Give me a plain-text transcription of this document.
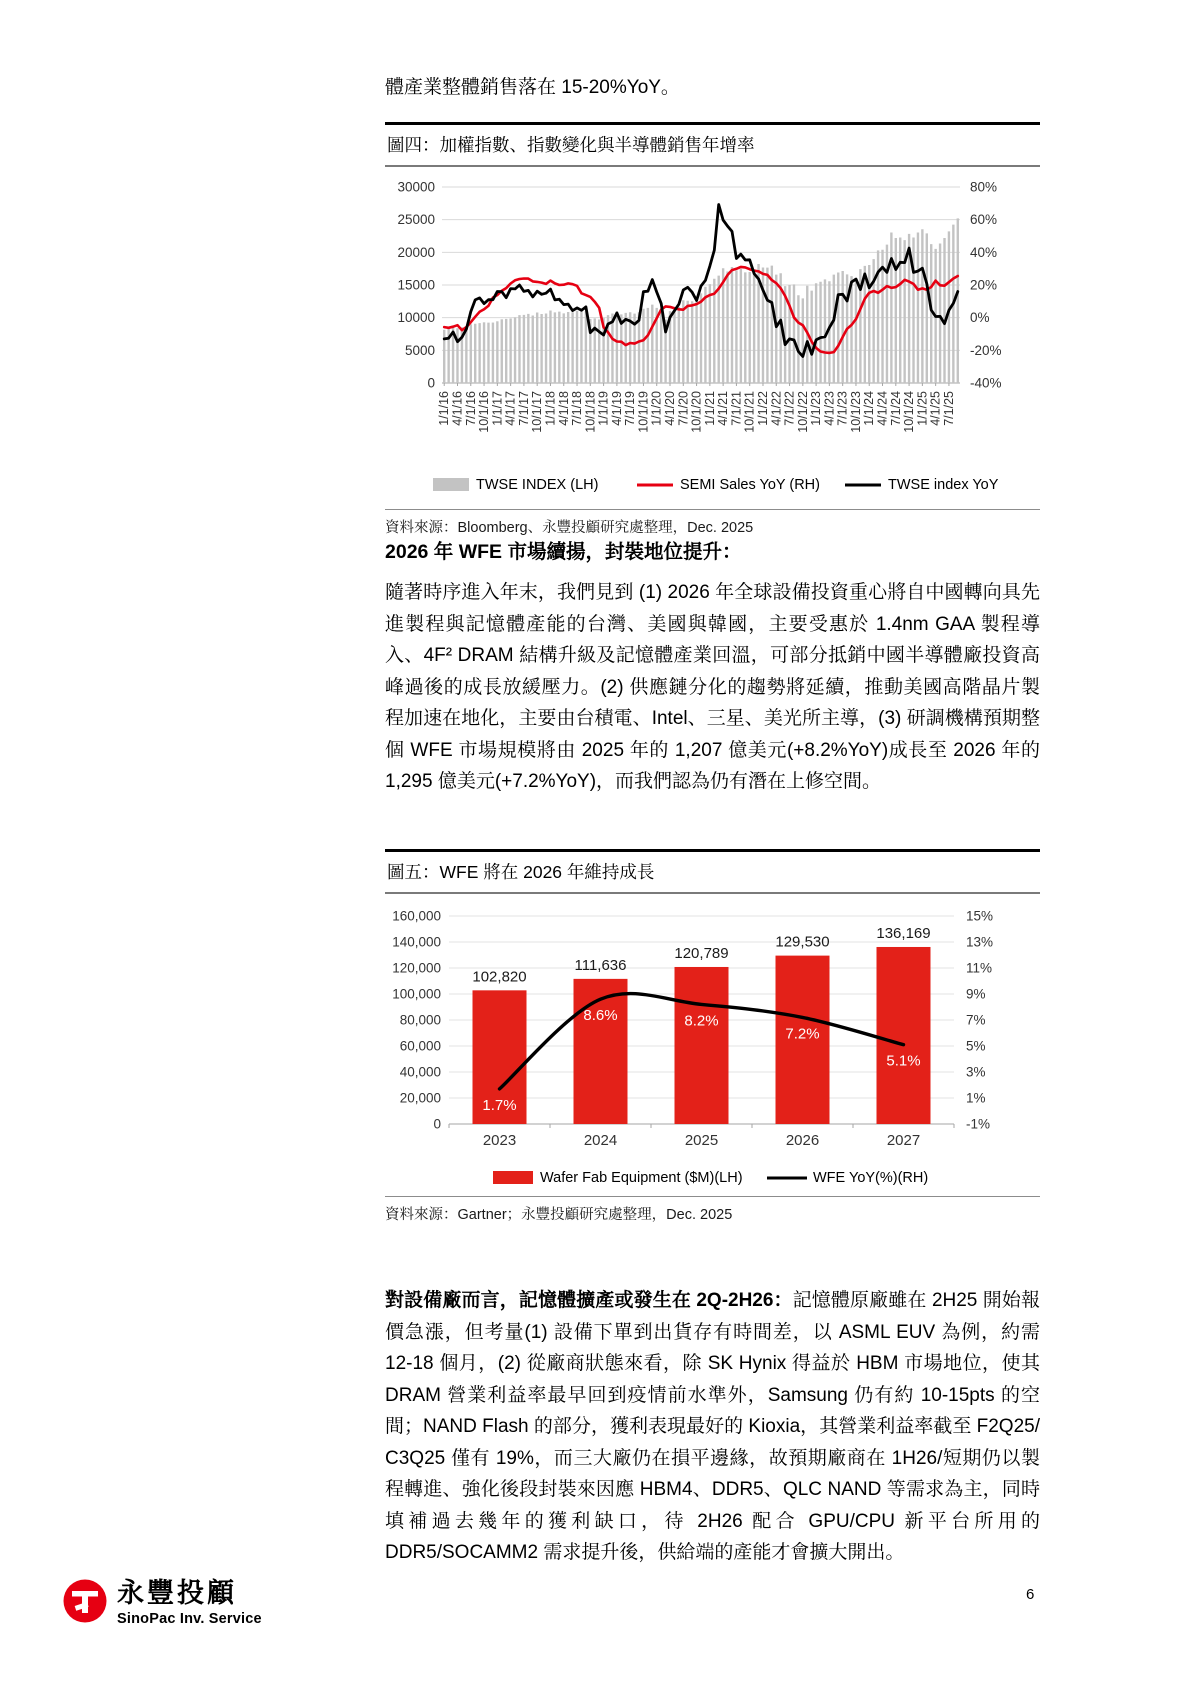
體產業整體銷售落在 15-20%YoY。

圖四：加權指數、指數變化與半導體銷售年增率
0
5000
10000
15000
20000
25000
30000
-40%
-20%
0%
20%
40%
60%
80%
1/1/16 4/1/16 7/1/16 10/1/16 1/1/17 4/1/17 7/1/17 10/1/17 1/1/18 4/1/18 7/1/18 10/1/18 1/1/19 4/1/19 7/1/19 10/1/19 1/1/20 4/1/20 7/1/20 10/1/20 1/1/21 4/1/21 7/1/21 10/1/21 1/1/22 4/1/22 7/1/22 10/1/22 1/1/23 4/1/23 7/1/23 10/1/23 1/1/24 4/1/24 7/1/24 10/1/24 1/1/25 4/1/25 7/1/25
TWSE INDEX (LH)	SEMI Sales YoY (RH)	TWSE index YoY
資料來源：Bloomberg、永豐投顧研究處整理，Dec. 2025

2026 年 WFE 市場續揚，封裝地位提升：

隨著時序進入年末，我們見到 (1) 2026 年全球設備投資重心將自中國轉向具先進製程與記憶體產能的台灣、美國與韓國，主要受惠於 1.4nm GAA 製程導入、4F² DRAM 結構升級及記憶體產業回溫，可部分抵銷中國半導體廠投資高峰過後的成長放緩壓力。(2) 供應鏈分化的趨勢將延續，推動美國高階晶片製程加速在地化，主要由台積電、Intel、三星、美光所主導，(3) 研調機構預期整個 WFE 市場規模將由 2025 年的 1,207 億美元(+8.2%YoY)成長至 2026 年的 1,295 億美元(+7.2%YoY)，而我們認為仍有潛在上修空間。

圖五：WFE 將在 2026 年維持成長
0
20,000
40,000
60,000
80,000
100,000
120,000
140,000
160,000	15%
13%
11%
9%
7%
5%
3%
1%
-1%
102,820
111,636
120,789
129,530
136,169
1.7%
8.6%	8.2%
7.2%
5.1%
2023	2024	2025	2026	2027
Wafer Fab Equipment ($M)(LH)	WFE YoY(%)(RH)
資料來源：Gartner；永豐投顧研究處整理，Dec. 2025

對設備廠而言，記憶體擴產或發生在 2Q-2H26：記憶體原廠雖在 2H25 開始報價急漲，但考量(1) 設備下單到出貨存有時間差，以 ASML EUV 為例，約需 12-18 個月，(2) 從廠商狀態來看，除 SK Hynix 得益於 HBM 市場地位，使其 DRAM 營業利益率最早回到疫情前水準外，Samsung 仍有約 10-15pts 的空間；NAND Flash 的部分，獲利表現最好的 Kioxia，其營業利益率截至 F2Q25/ C3Q25 僅有 19%，而三大廠仍在損平邊緣，故預期廠商在 1H26/短期仍以製程轉進、強化後段封裝來因應 HBM4、DDR5、QLC NAND 等需求為主，同時填補過去幾年的獲利缺口，待 2H26 配合 GPU/CPU 新平台所用的 DDR5/SOCAMM2 需求提升後，供給端的產能才會擴大開出。

永豐投顧
SinoPac Inv. Service
6
